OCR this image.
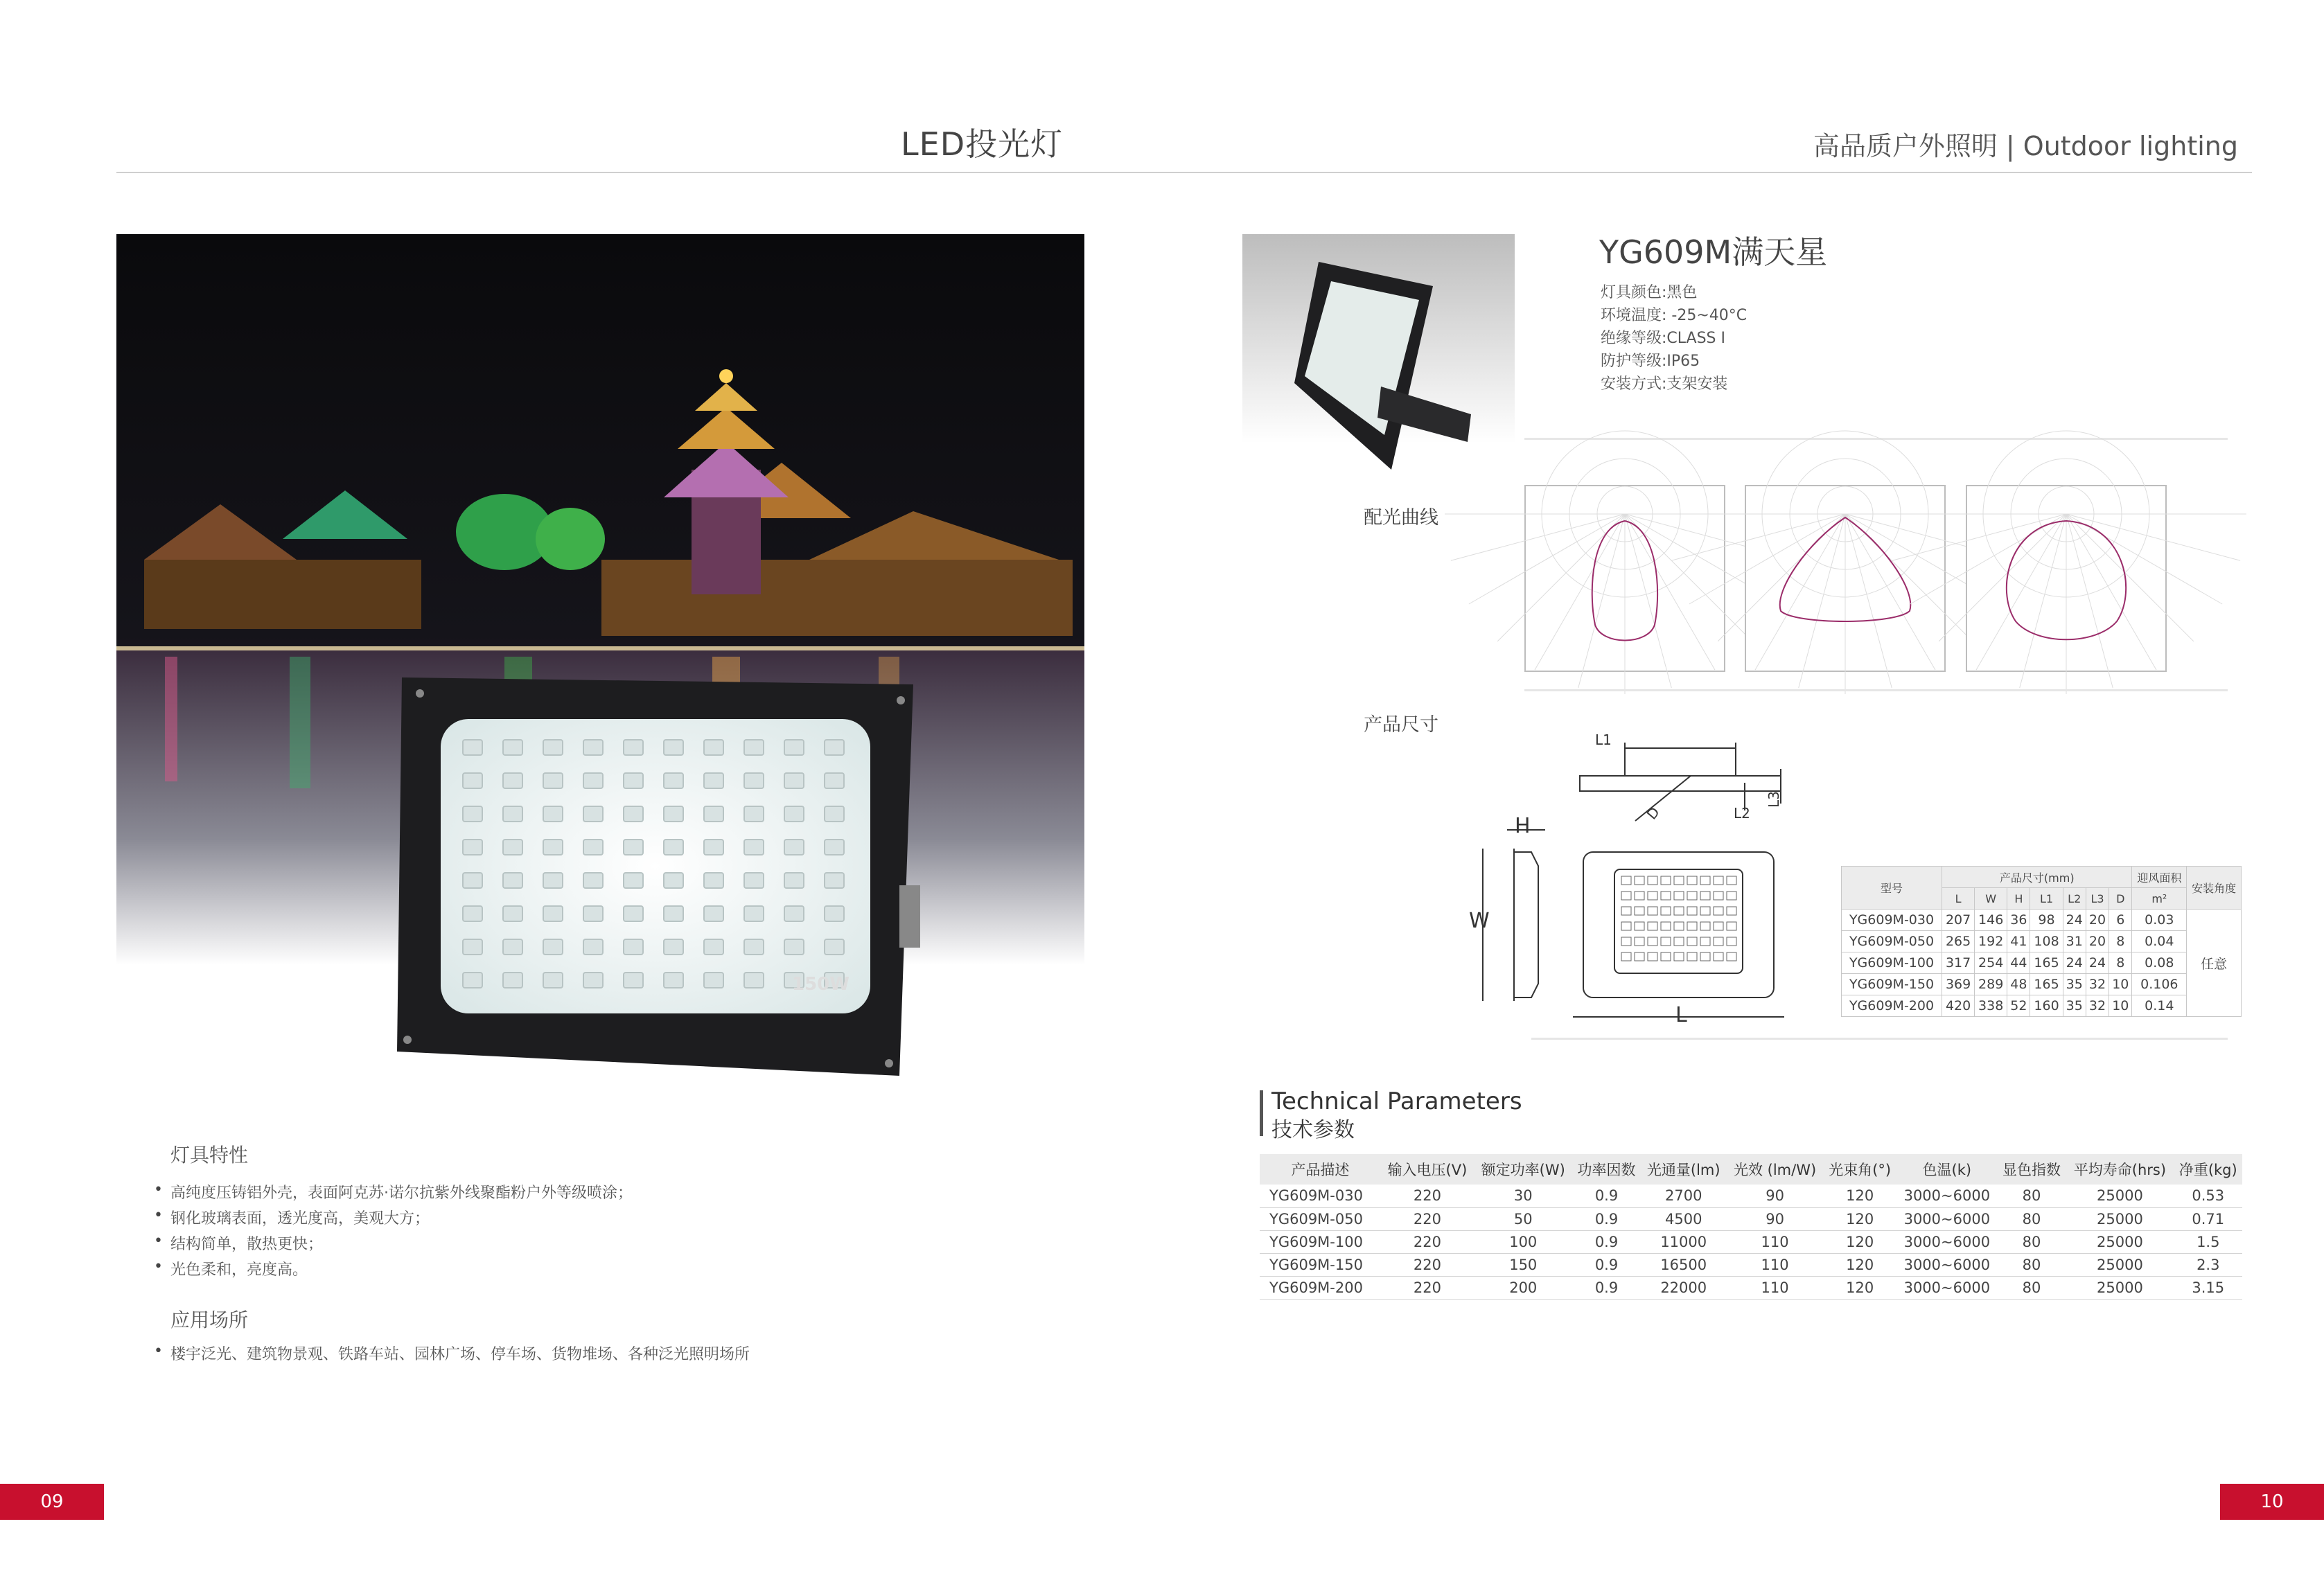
LED投光灯	高品质户外照明 | Outdoor lighting
150W
YG609M满天星
灯具颜色:黑色
环境温度: -25~40°C
绝缘等级:CLASS I
防护等级:IP65
安装方式:支架安装
配光曲线
产品尺寸
L1
L2
L3
D
H
W
L
型号	产品尺寸(mm)							迎风面积	安装角度
	L	W	H	L1	L2	L3	D	m²	
YG609M-030	207	146	36	98	24	20	6	0.03	任意
YG609M-050	265	192	41	108	31	20	8	0.04	
YG609M-100	317	254	44	165	24	24	8	0.08	
YG609M-150	369	289	48	165	35	32	10	0.106	
YG609M-200	420	338	52	160	35	32	10	0.14	
Technical Parameters
技术参数
产品描述	输入电压(V)	额定功率(W)	功率因数	光通量(lm)	光效 (lm/W)	光束角(°)	色温(k)	显色指数	平均寿命(hrs)	净重(kg)
YG609M-030	220	30	0.9	2700	90	120	3000~6000	80	25000	0.53
YG609M-050	220	50	0.9	4500	90	120	3000~6000	80	25000	0.71
YG609M-100	220	100	0.9	11000	110	120	3000~6000	80	25000	1.5
YG609M-150	220	150	0.9	16500	110	120	3000~6000	80	25000	2.3
YG609M-200	220	200	0.9	22000	110	120	3000~6000	80	25000	3.15
灯具特性
• 高纯度压铸铝外壳，表面阿克苏·诺尔抗紫外线聚酯粉户外等级喷涂；
• 钢化玻璃表面，透光度高，美观大方；
• 结构简单，散热更快；
• 光色柔和，亮度高。
应用场所
• 楼宇泛光、建筑物景观、铁路车站、园林广场、停车场、货物堆场、各种泛光照明场所
09	10
